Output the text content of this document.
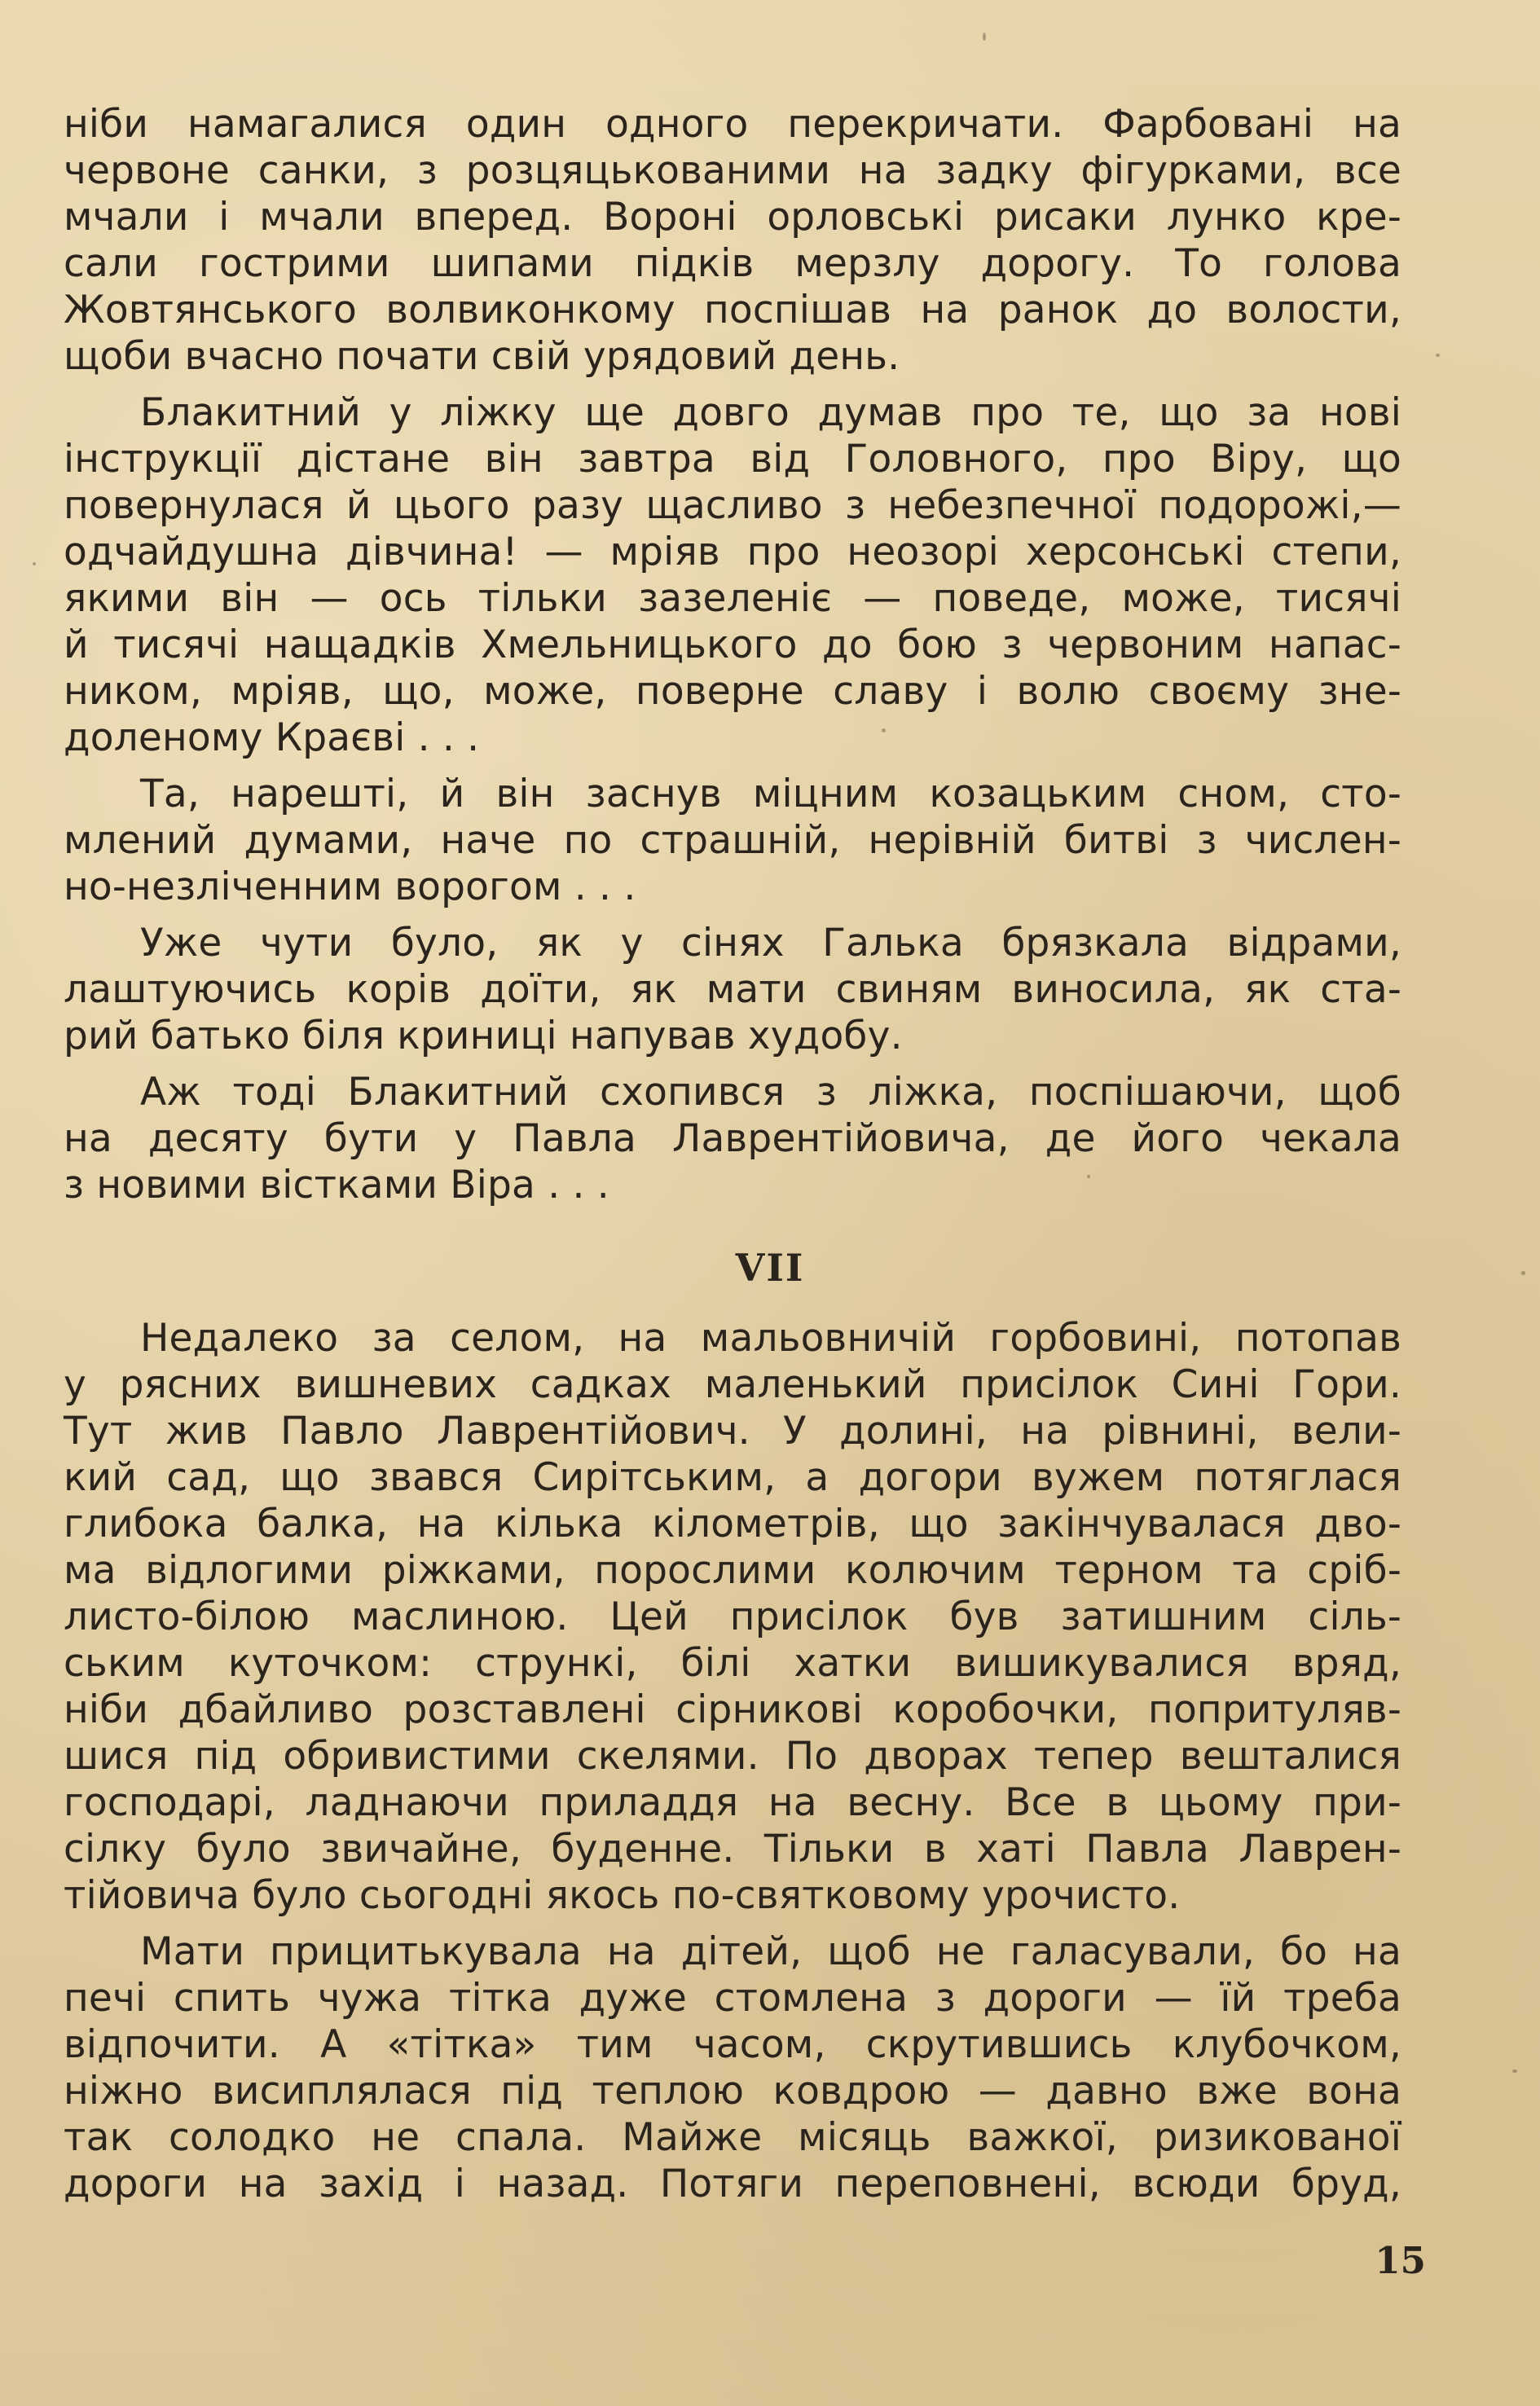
ніби намагалися один одного перекричати. Фарбовані на

червоне санки, з розцяцькованими на задку фігурками, все

мчали і мчали вперед. Вороні орловські рисаки лунко кре-

сали гострими шипами підків мерзлу дорогу. То голова

Жовтянського волвиконкому поспішав на ранок до волости,

щоби вчасно почати свій урядовий день.

Блакитний у ліжку ще довго думав про те, що за нові

інструкції дістане він завтра від Головного, про Віру, що

повернулася й цього разу щасливо з небезпечної подорожі,—

одчайдушна дівчина! — мріяв про неозорі херсонські степи,

якими він — ось тільки зазеленіє — поведе, може, тисячі

й тисячі нащадків Хмельницького до бою з червоним напас-

ником, мріяв, що, може, поверне славу і волю своєму зне-

доленому Краєві . . .

Та, нарешті, й він заснув міцним козацьким сном, сто-

млений думами, наче по страшній, нерівній битві з числен-

но-незліченним ворогом . . .

Уже чути було, як у сінях Галька брязкала відрами,

лаштуючись корів доїти, як мати свиням виносила, як ста-

рий батько біля криниці напував худобу.

Аж тоді Блакитний схопився з ліжка, поспішаючи, щоб

на десяту бути у Павла Лаврентійовича, де його чекала

з новими вістками Віра . . .

VII

Недалеко за селом, на мальовничій горбовині, потопав

у рясних вишневих садках маленький присілок Сині Гори.

Тут жив Павло Лаврентійович. У долині, на рівнині, вели-

кий сад, що звався Сирітським, а догори вужем потяглася

глибока балка, на кілька кілометрів, що закінчувалася дво-

ма відлогими ріжками, порослими колючим терном та сріб-

листо-білою маслиною. Цей присілок був затишним сіль-

ським куточком: стрункі, білі хатки вишикувалися вряд,

ніби дбайливо розставлені сірникові коробочки, попритуляв-

шися під обривистими скелями. По дворах тепер вешталися

господарі, ладнаючи приладдя на весну. Все в цьому при-

сілку було звичайне, буденне. Тільки в хаті Павла Лаврен-

тійовича було сьогодні якось по-святковому урочисто.

Мати прицитькувала на дітей, щоб не галасували, бо на

печі спить чужа тітка дуже стомлена з дороги — їй треба

відпочити. А «тітка» тим часом, скрутившись клубочком,

ніжно висиплялася під теплою ковдрою — давно вже вона

так солодко не спала. Майже місяць важкої, ризикованої

дороги на захід і назад. Потяги переповнені, всюди бруд,

15
